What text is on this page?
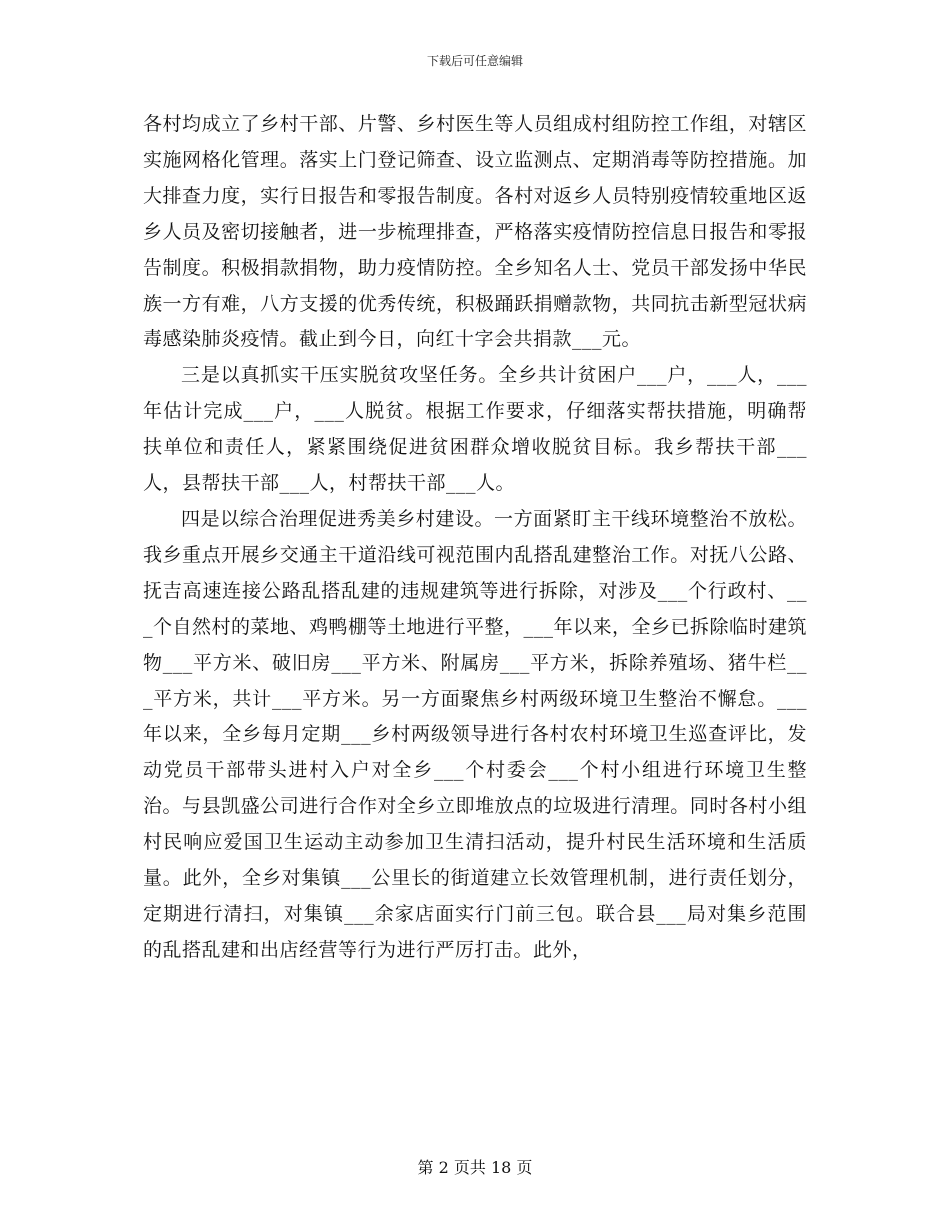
下载后可任意编辑

各村均成立了乡村干部、片警、乡村医生等人员组成村组防控工作组，对辖区实施网格化管理。落实上门登记筛查、设立监测点、定期消毒等防控措施。加大排查力度，实行日报告和零报告制度。各村对返乡人员特别疫情较重地区返乡人员及密切接触者，进一步梳理排查，严格落实疫情防控信息日报告和零报告制度。积极捐款捐物，助力疫情防控。全乡知名人士、党员干部发扬中华民族一方有难，八方支援的优秀传统，积极踊跃捐赠款物，共同抗击新型冠状病毒感染肺炎疫情。截止到今日，向红十字会共捐款___元。

三是以真抓实干压实脱贫攻坚任务。全乡共计贫困户___户，___人，___年估计完成___户，___人脱贫。根据工作要求，仔细落实帮扶措施，明确帮扶单位和责任人，紧紧围绕促进贫困群众增收脱贫目标。我乡帮扶干部___人，县帮扶干部___人，村帮扶干部___人。

四是以综合治理促进秀美乡村建设。一方面紧盯主干线环境整治不放松。我乡重点开展乡交通主干道沿线可视范围内乱搭乱建整治工作。对抚八公路、抚吉高速连接公路乱搭乱建的违规建筑等进行拆除，对涉及___个行政村、___个自然村的菜地、鸡鸭棚等土地进行平整，___年以来，全乡已拆除临时建筑物___平方米、破旧房___平方米、附属房___平方米，拆除养殖场、猪牛栏___平方米，共计___平方米。另一方面聚焦乡村两级环境卫生整治不懈怠。___年以来，全乡每月定期___乡村两级领导进行各村农村环境卫生巡查评比，发动党员干部带头进村入户对全乡___个村委会___个村小组进行环境卫生整治。与县凯盛公司进行合作对全乡立即堆放点的垃圾进行清理。同时各村小组村民响应爱国卫生运动主动参加卫生清扫活动，提升村民生活环境和生活质量。此外，全乡对集镇___公里长的街道建立长效管理机制，进行责任划分，定期进行清扫，对集镇___余家店面实行门前三包。联合县___局对集乡范围的乱搭乱建和出店经营等行为进行严厉打击。此外，

第 2 页共 18 页
